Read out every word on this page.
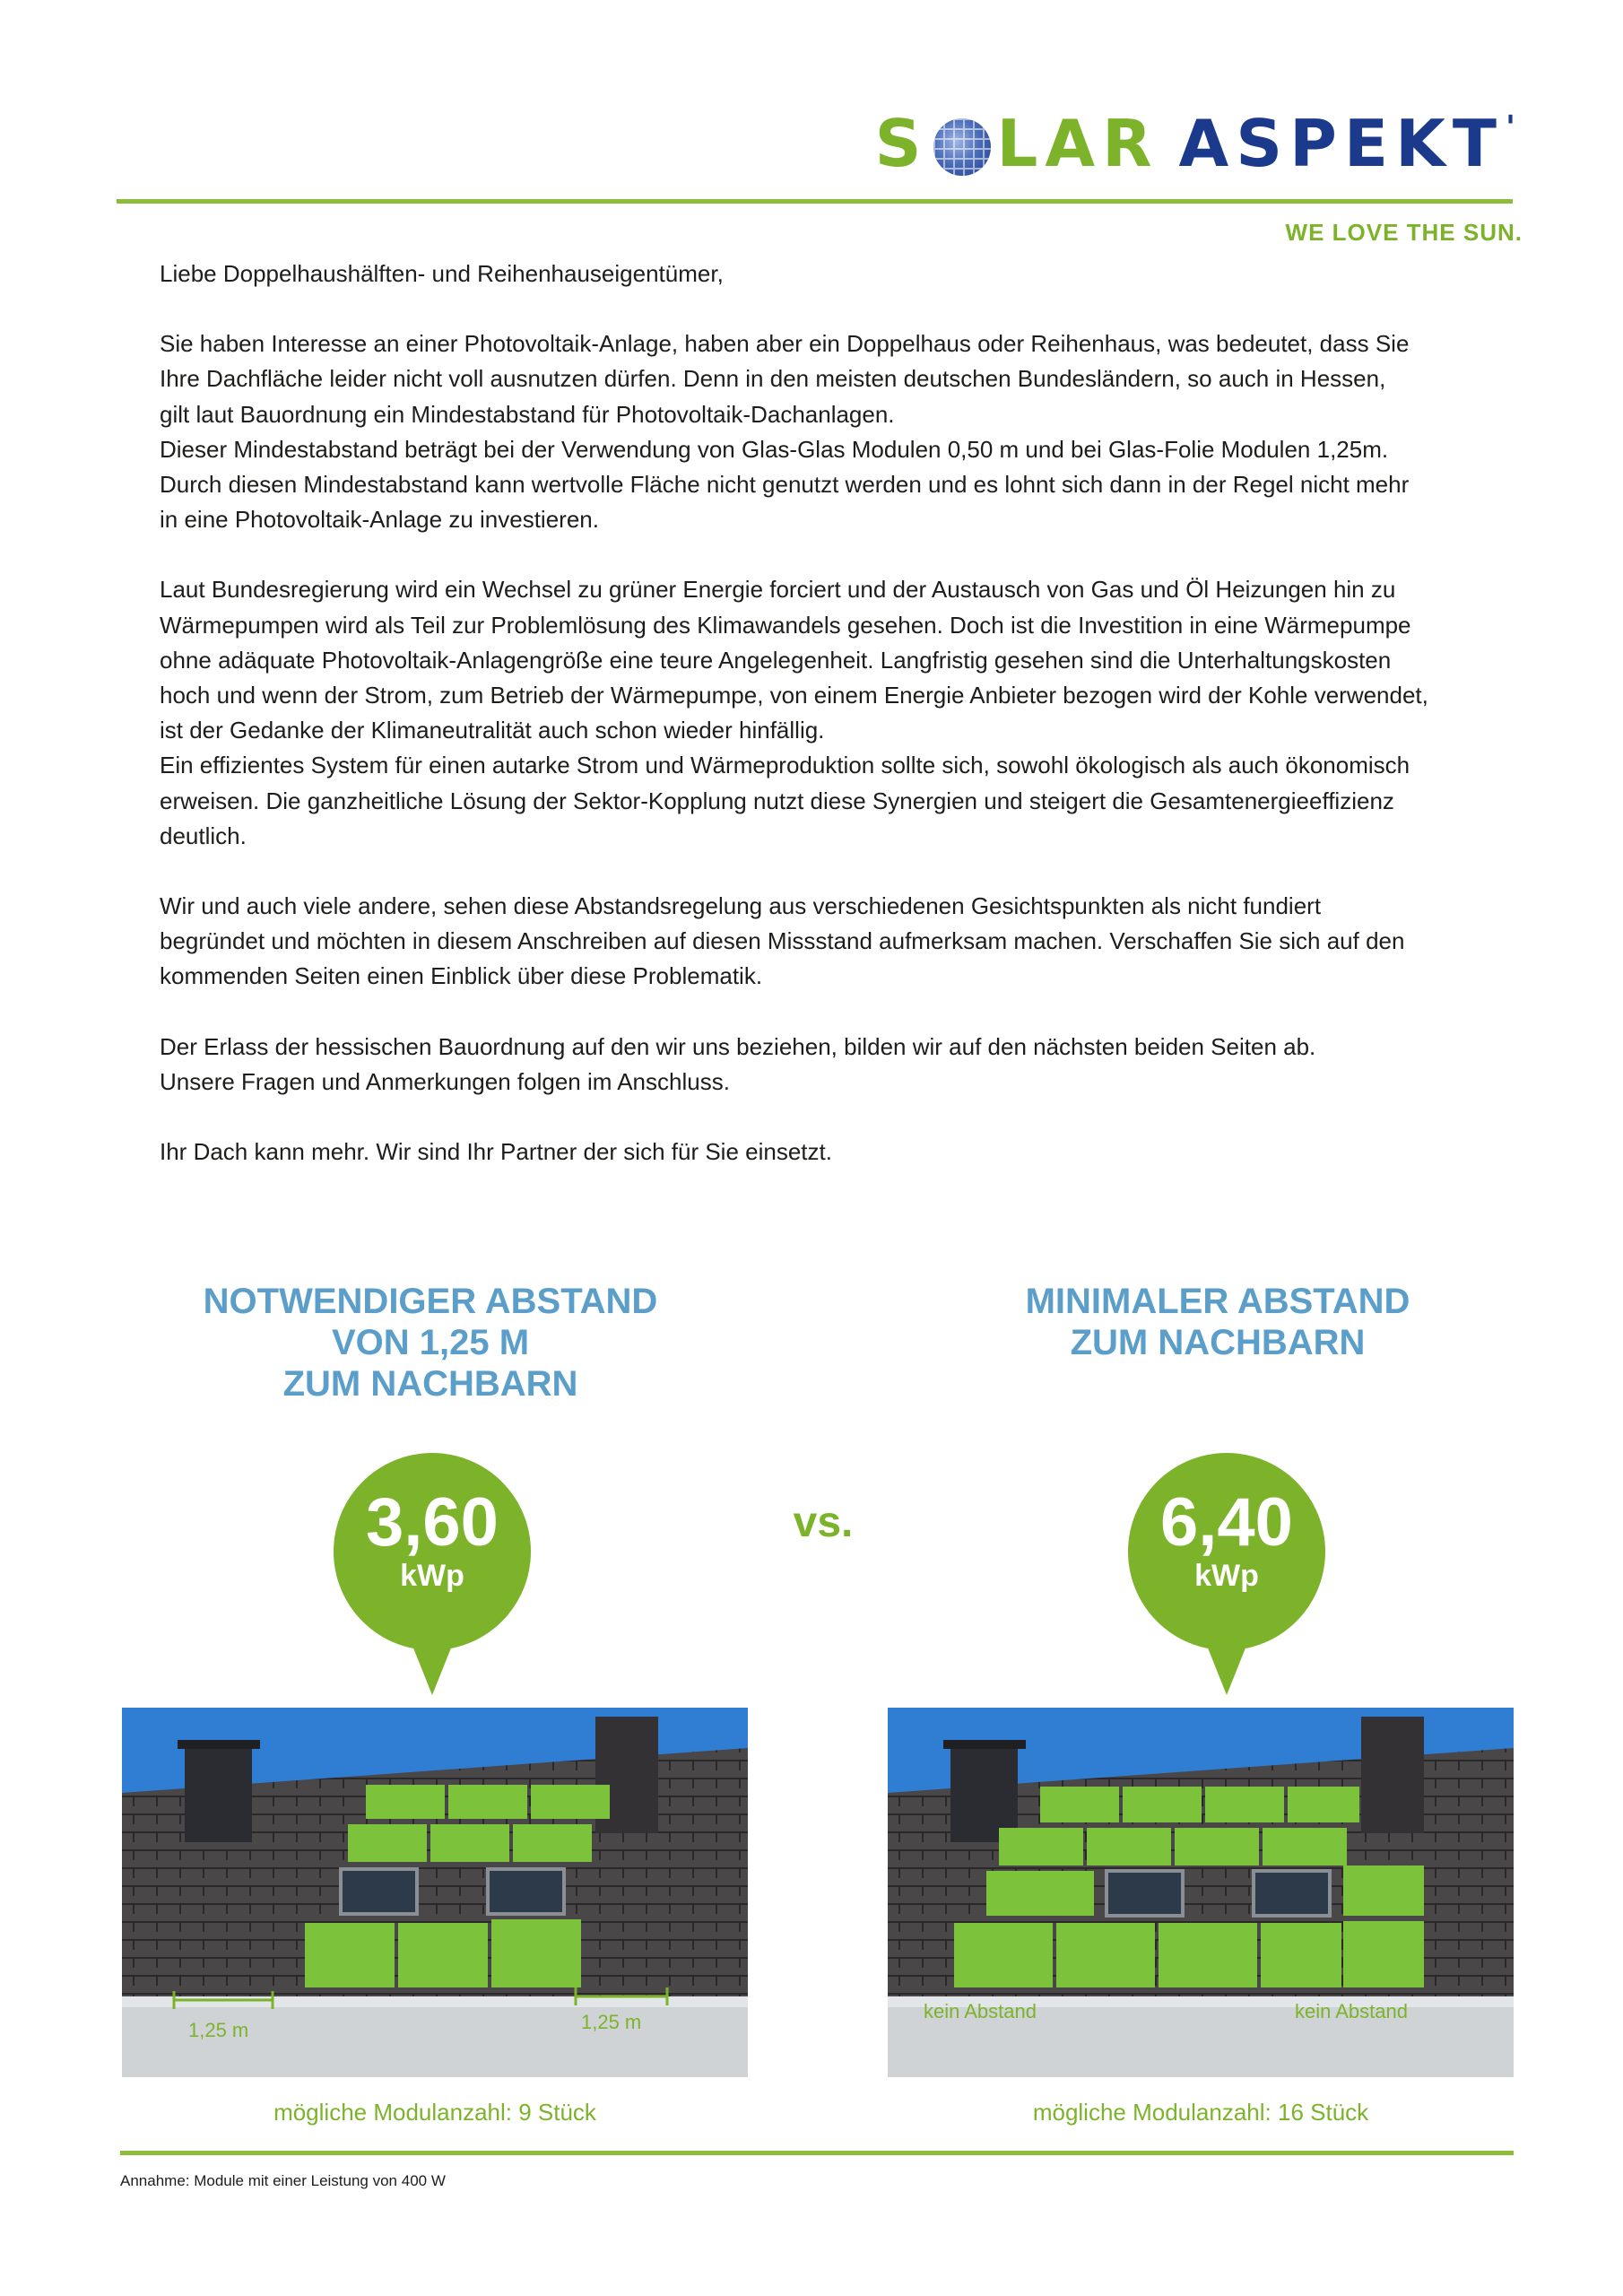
S LAR ASPEKT '
WE LOVE THE SUN.

Liebe Doppelhaushälften- und Reihenhauseigentümer,

Sie haben Interesse an einer Photovoltaik-Anlage, haben aber ein Doppelhaus oder Reihenhaus, was bedeutet, dass Sie
Ihre Dachfläche leider nicht voll ausnutzen dürfen. Denn in den meisten deutschen Bundesländern, so auch in Hessen,
gilt laut Bauordnung ein Mindestabstand für Photovoltaik-Dachanlagen.
Dieser Mindestabstand beträgt bei der Verwendung von Glas-Glas Modulen 0,50 m und bei Glas-Folie Modulen 1,25m.
Durch diesen Mindestabstand kann wertvolle Fläche nicht genutzt werden und es lohnt sich dann in der Regel nicht mehr
in eine Photovoltaik-Anlage zu investieren.

Laut Bundesregierung wird ein Wechsel zu grüner Energie forciert und der Austausch von Gas und Öl Heizungen hin zu
Wärmepumpen wird als Teil zur Problemlösung des Klimawandels gesehen. Doch ist die Investition in eine Wärmepumpe
ohne adäquate Photovoltaik-Anlagengröße eine teure Angelegenheit. Langfristig gesehen sind die Unterhaltungskosten
hoch und wenn der Strom, zum Betrieb der Wärmepumpe, von einem Energie Anbieter bezogen wird der Kohle verwendet,
ist der Gedanke der Klimaneutralität auch schon wieder hinfällig.
Ein effizientes System für einen autarke Strom und Wärmeproduktion sollte sich, sowohl ökologisch als auch ökonomisch
erweisen. Die ganzheitliche Lösung der Sektor-Kopplung nutzt diese Synergien und steigert die Gesamtenergieeffizienz
deutlich.

Wir und auch viele andere, sehen diese Abstandsregelung aus verschiedenen Gesichtspunkten als nicht fundiert
begründet und möchten in diesem Anschreiben auf diesen Missstand aufmerksam machen. Verschaffen Sie sich auf den
kommenden Seiten einen Einblick über diese Problematik.

Der Erlass der hessischen Bauordnung auf den wir uns beziehen, bilden wir auf den nächsten beiden Seiten ab.
Unsere Fragen und Anmerkungen folgen im Anschluss.

Ihr Dach kann mehr. Wir sind Ihr Partner der sich für Sie einsetzt.

NOTWENDIGER ABSTAND
VON 1,25 M
ZUM NACHBARN
MINIMALER ABSTAND
ZUM NACHBARN
3,60
kWp
vs.	6,40
kWp
1,25 m	1,25 m	kein Abstand	kein Abstand
mögliche Modulanzahl: 9 Stück	mögliche Modulanzahl: 16 Stück
Annahme: Module mit einer Leistung von 400 W
